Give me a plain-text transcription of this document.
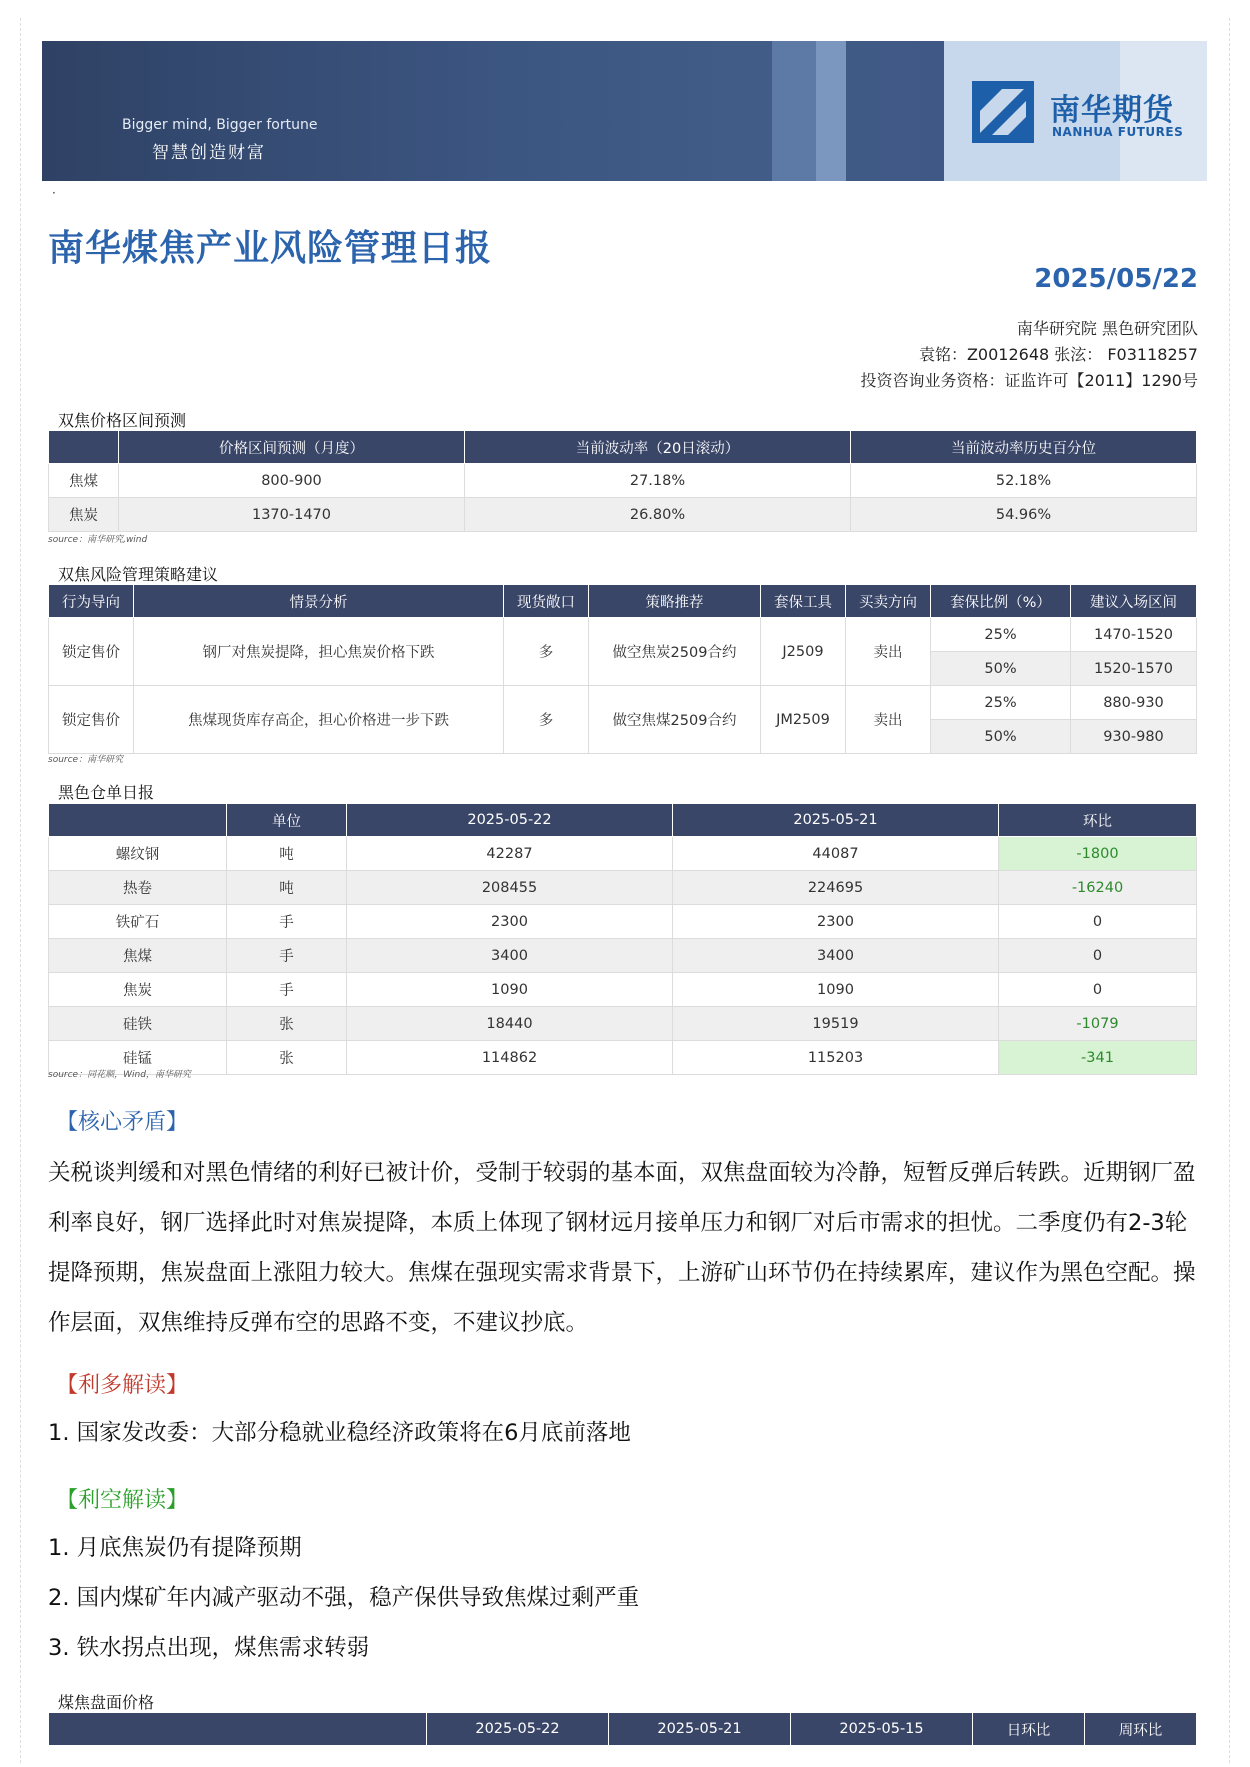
Bigger mind, Bigger fortune
智慧创造财富
南华期货
NANHUA FUTURES
·
南华煤焦产业风险管理日报
2025/05/22
南华研究院 黑色研究团队
袁铭：Z0012648 张泫： F03118257
投资咨询业务资格：证监许可【2011】1290号
双焦价格区间预测
	价格区间预测（月度）	当前波动率（20日滚动）	当前波动率历史百分位
焦煤	800-900	27.18%	52.18%
焦炭	1370-1470	26.80%	54.96%
source：南华研究,wind
双焦风险管理策略建议
行为导向	情景分析	现货敞口	策略推荐	套保工具	买卖方向	套保比例（%）	建议入场区间
锁定售价	钢厂对焦炭提降，担心焦炭价格下跌	多	做空焦炭2509合约	J2509	卖出	25%	1470-1520
						50%	1520-1570
锁定售价	焦煤现货库存高企，担心价格进一步下跌	多	做空焦煤2509合约	JM2509	卖出	25%	880-930
						50%	930-980
source：南华研究
黑色仓单日报
	单位	2025-05-22	2025-05-21	环比
螺纹钢	吨	42287	44087	-1800
热卷	吨	208455	224695	-16240
铁矿石	手	2300	2300	0
焦煤	手	3400	3400	0
焦炭	手	1090	1090	0
硅铁	张	18440	19519	-1079
硅锰	张	114862	115203	-341
source：同花顺，Wind，南华研究
【核心矛盾】
关税谈判缓和对黑色情绪的利好已被计价，受制于较弱的基本面，双焦盘面较为冷静，短暂反弹后转跌。近期钢厂盈利率良好，钢厂选择此时对焦炭提降，本质上体现了钢材远月接单压力和钢厂对后市需求的担忧。二季度仍有2-3轮提降预期，焦炭盘面上涨阻力较大。焦煤在强现实需求背景下，上游矿山环节仍在持续累库，建议作为黑色空配。操作层面，双焦维持反弹布空的思路不变，不建议抄底。
【利多解读】
1. 国家发改委：大部分稳就业稳经济政策将在6月底前落地
【利空解读】
1. 月底焦炭仍有提降预期
2. 国内煤矿年内减产驱动不强，稳产保供导致焦煤过剩严重
3. 铁水拐点出现，煤焦需求转弱
煤焦盘面价格
	2025-05-22	2025-05-21	2025-05-15	日环比	周环比
